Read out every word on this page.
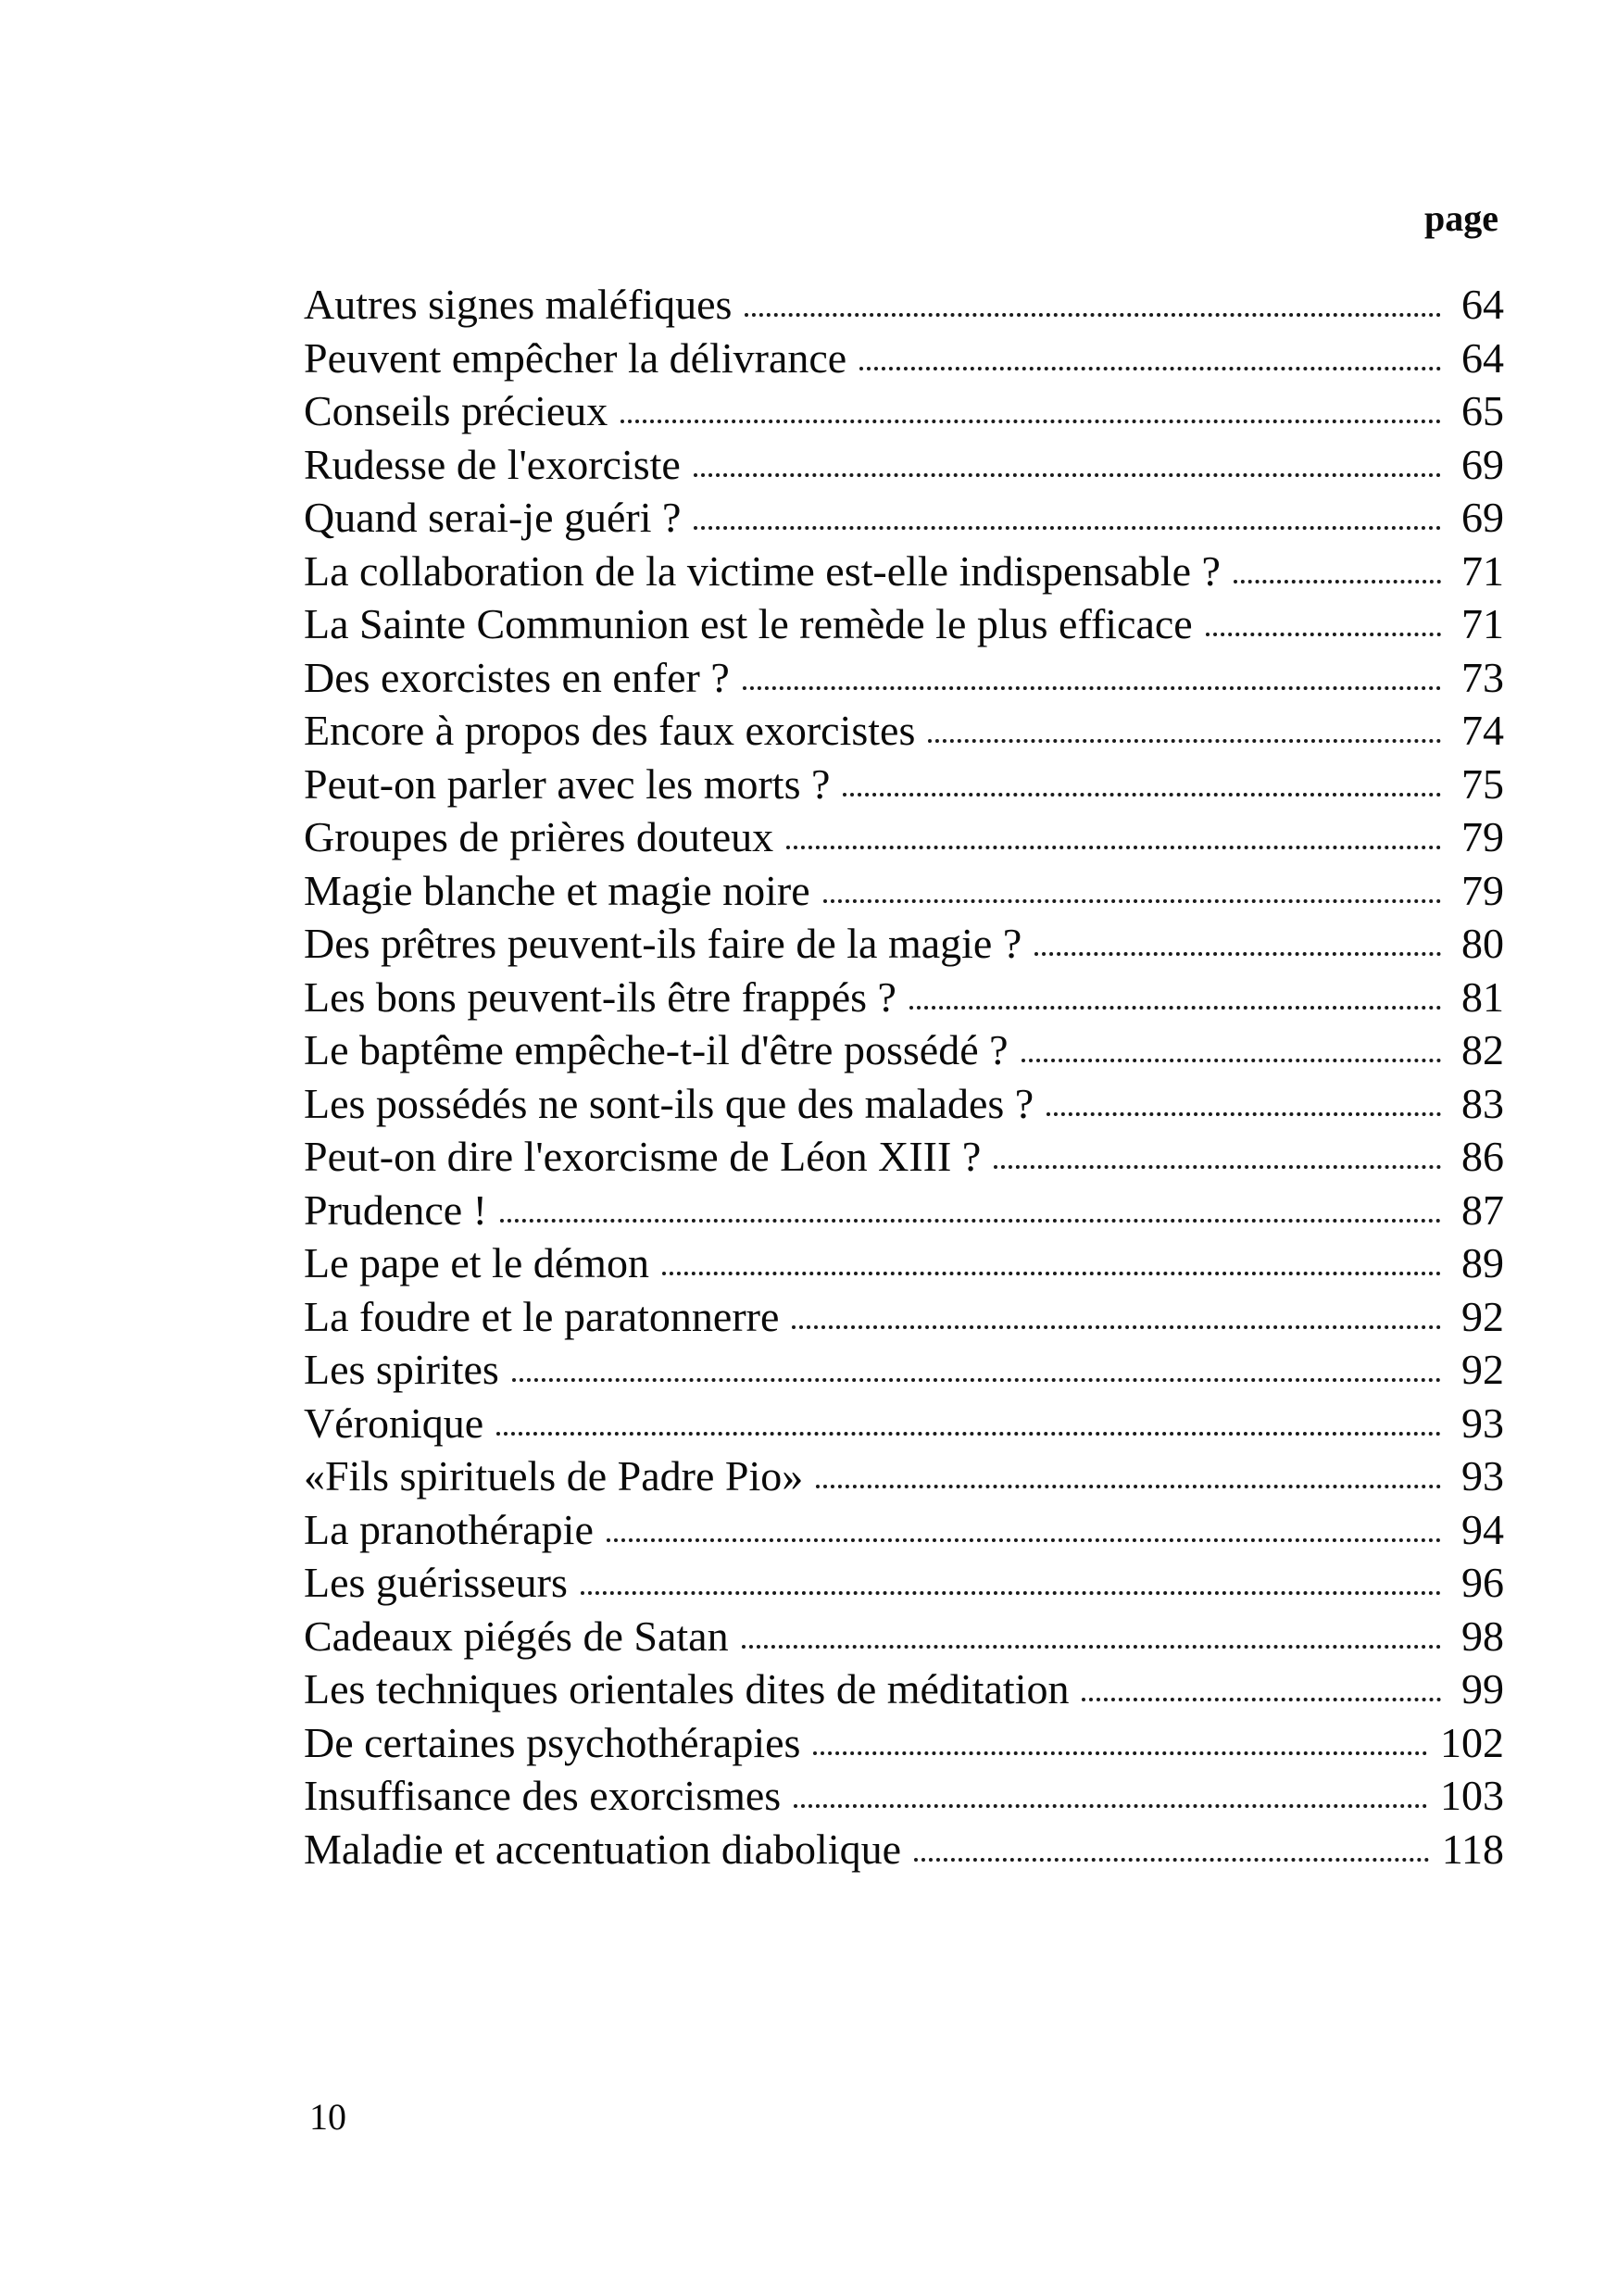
page
Autres signes maléfiques	64
Peuvent empêcher la délivrance	64
Conseils précieux	65
Rudesse de l'exorciste	69
Quand serai-je guéri ?	69
La collaboration de la victime est-elle indispensable ?	71
La Sainte Communion est le remède le plus efficace	71
Des exorcistes en enfer ?	73
Encore à propos des faux exorcistes	74
Peut-on parler avec les morts ?	75
Groupes de prières douteux	79
Magie blanche et magie noire	79
Des prêtres peuvent-ils faire de la magie ?	80
Les bons peuvent-ils être frappés ?	81
Le baptême empêche-t-il d'être possédé ?	82
Les possédés ne sont-ils que des malades ?	83
Peut-on dire l'exorcisme de Léon XIII ?	86
Prudence !	87
Le pape et le démon	89
La foudre et le paratonnerre	92
Les spirites	92
Véronique	93
«Fils spirituels de Padre Pio»	93
La pranothérapie	94
Les guérisseurs	96
Cadeaux piégés de Satan	98
Les techniques orientales dites de méditation	99
De certaines psychothérapies	102
Insuffisance des exorcismes	103
Maladie et accentuation diabolique	118
10
